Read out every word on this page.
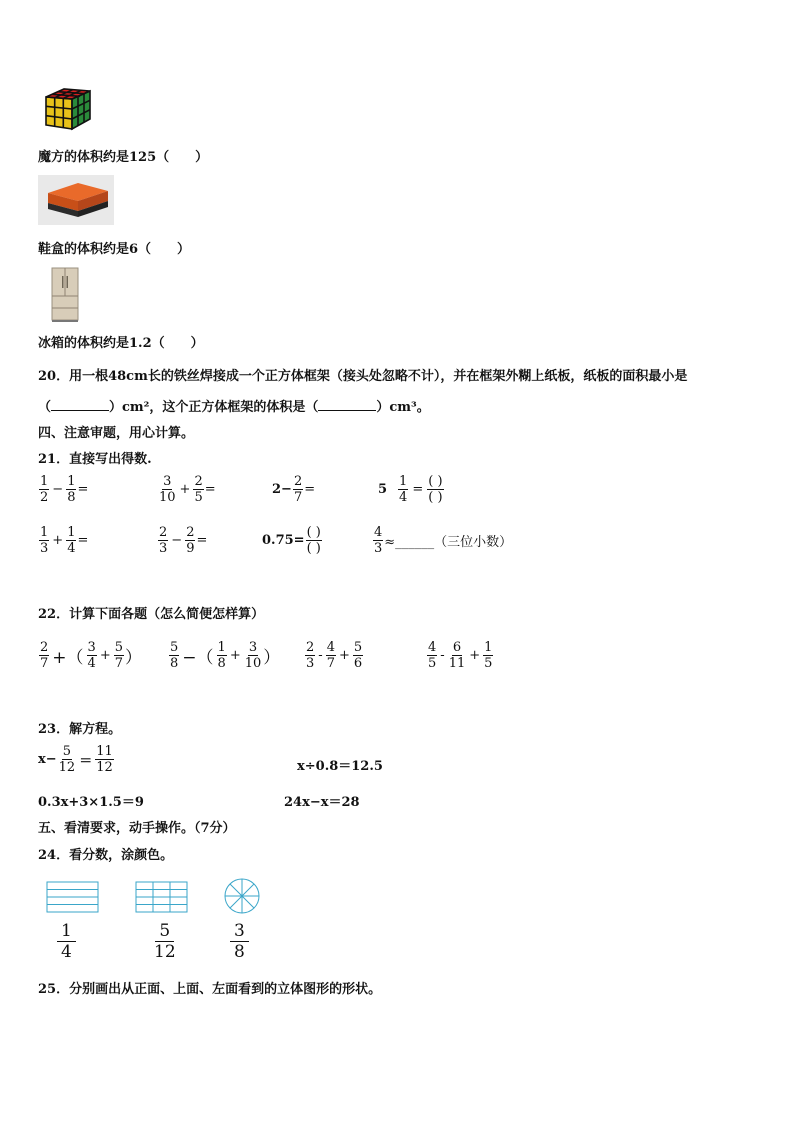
魔方的体积约是125（　　）
鞋盒的体积约是6（　　）
冰箱的体积约是1.2（　　）
20．用一根48cm长的铁丝焊接成一个正方体框架（接头处忽略不计），并在框架外糊上纸板，纸板的面积最小是
（	）cm²，这个正方体框架的体积是（	）cm³。
四、注意审题，用心计算。
21．直接写出得数.
$\frac{1}{2} - \frac{1}{8}$ =	$\frac{3}{10} + \frac{2}{5}$ =	$2- \frac{2}{7}$ =	$5 \frac{1}{4} = \frac{( )}{( )}$
$\frac{1}{3} + \frac{1}{4}$ =	$\frac{2}{3} - \frac{2}{9}$ =	$0.75= \frac{( )}{( )}$	$\frac{4}{3}$ ≈______（三位小数）
22．计算下面各题（怎么简便怎样算）
$\frac{2}{7}$ +（ $\frac{3}{4} + \frac{5}{7}$ ） $\frac{5}{8}$ −（ $\frac{1}{8} + \frac{3}{10}$ ） $\frac{2}{3} - \frac{4}{7} + \frac{5}{6}$	$\frac{4}{5} - \frac{6}{11} + \frac{1}{5}$
23．解方程。
$x- \frac{5}{12} = \frac{11}{12}$	x÷0.8＝12.5
0.3x+3×1.5＝9	24x−x＝28
五、看清要求，动手操作。（7分）
24．看分数，涂颜色。
1
4
5
12
3
8
25．分别画出从正面、上面、左面看到的立体图形的形状。
